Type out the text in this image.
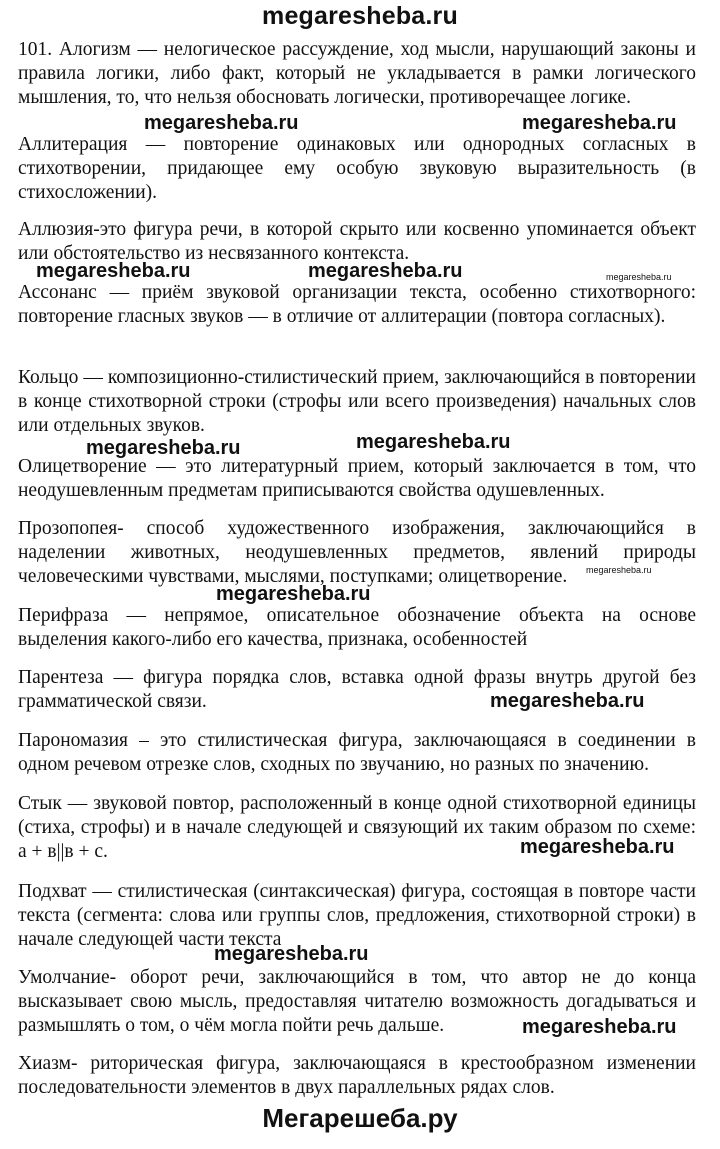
megaresheba.ru
101. Алогизм — нелогическое рассуждение, ход мысли, нарушающий законы и правила логики, либо факт, который не укладывается в рамки логического мышления, то, что нельзя обосновать логически, противоречащее логике.
Аллитерация — повторение одинаковых или однородных согласных в стихотворении, придающее ему особую звуковую выразительность (в стихосложении).
Аллюзия-это фигура речи, в которой скрыто или косвенно упоминается объект или обстоятельство из несвязанного контекста.
Ассонанс — приём звуковой организации текста, особенно стихотворного: повторение гласных звуков — в отличие от аллитерации (повтора согласных).
Кольцо — композиционно-стилистический прием, заключающийся в повторении в конце стихотворной строки (строфы или всего произведения) начальных слов или отдельных звуков.
Олицетворение — это литературный прием, который заключается в том, что неодушевленным предметам приписываются свойства одушевленных.
Прозопопея- способ художественного изображения, заключающийся в наделении животных, неодушевленных предметов, явлений природы человеческими чувствами, мыслями, поступками; олицетворение.
Перифраза — непрямое, описательное обозначение объекта на основе выделения какого-либо его качества, признака, особенностей
Парентеза — фигура порядка слов, вставка одной фразы внутрь другой без грамматической связи.
Парономазия – это стилистическая фигура, заключающаяся в соединении в одном речевом отрезке слов, сходных по звучанию, но разных по значению.
Стык — звуковой повтор, расположенный в конце одной стихотворной единицы (стиха, строфы) и в начале следующей и связующий их таким образом по схеме: а + в||в + с.
Подхват — стилистическая (синтаксическая) фигура, состоящая в повторе части текста (сегмента: слова или группы слов, предложения, стихотворной строки) в начале следующей части текста
Умолчание- оборот речи, заключающийся в том, что автор не до конца высказывает свою мысль, предоставляя читателю возможность догадываться и размышлять о том, о чём могла пойти речь дальше.
Хиазм- риторическая фигура, заключающаяся в крестообразном изменении последовательности элементов в двух параллельных рядах слов.
megaresheba.ru	megaresheba.ru
megaresheba.ru	megaresheba.ru	megaresheba.ru
megaresheba.ru	megaresheba.ru
megaresheba.ru
megaresheba.ru
megaresheba.ru
megaresheba.ru
megaresheba.ru
megaresheba.ru
Мегарешеба.ру
